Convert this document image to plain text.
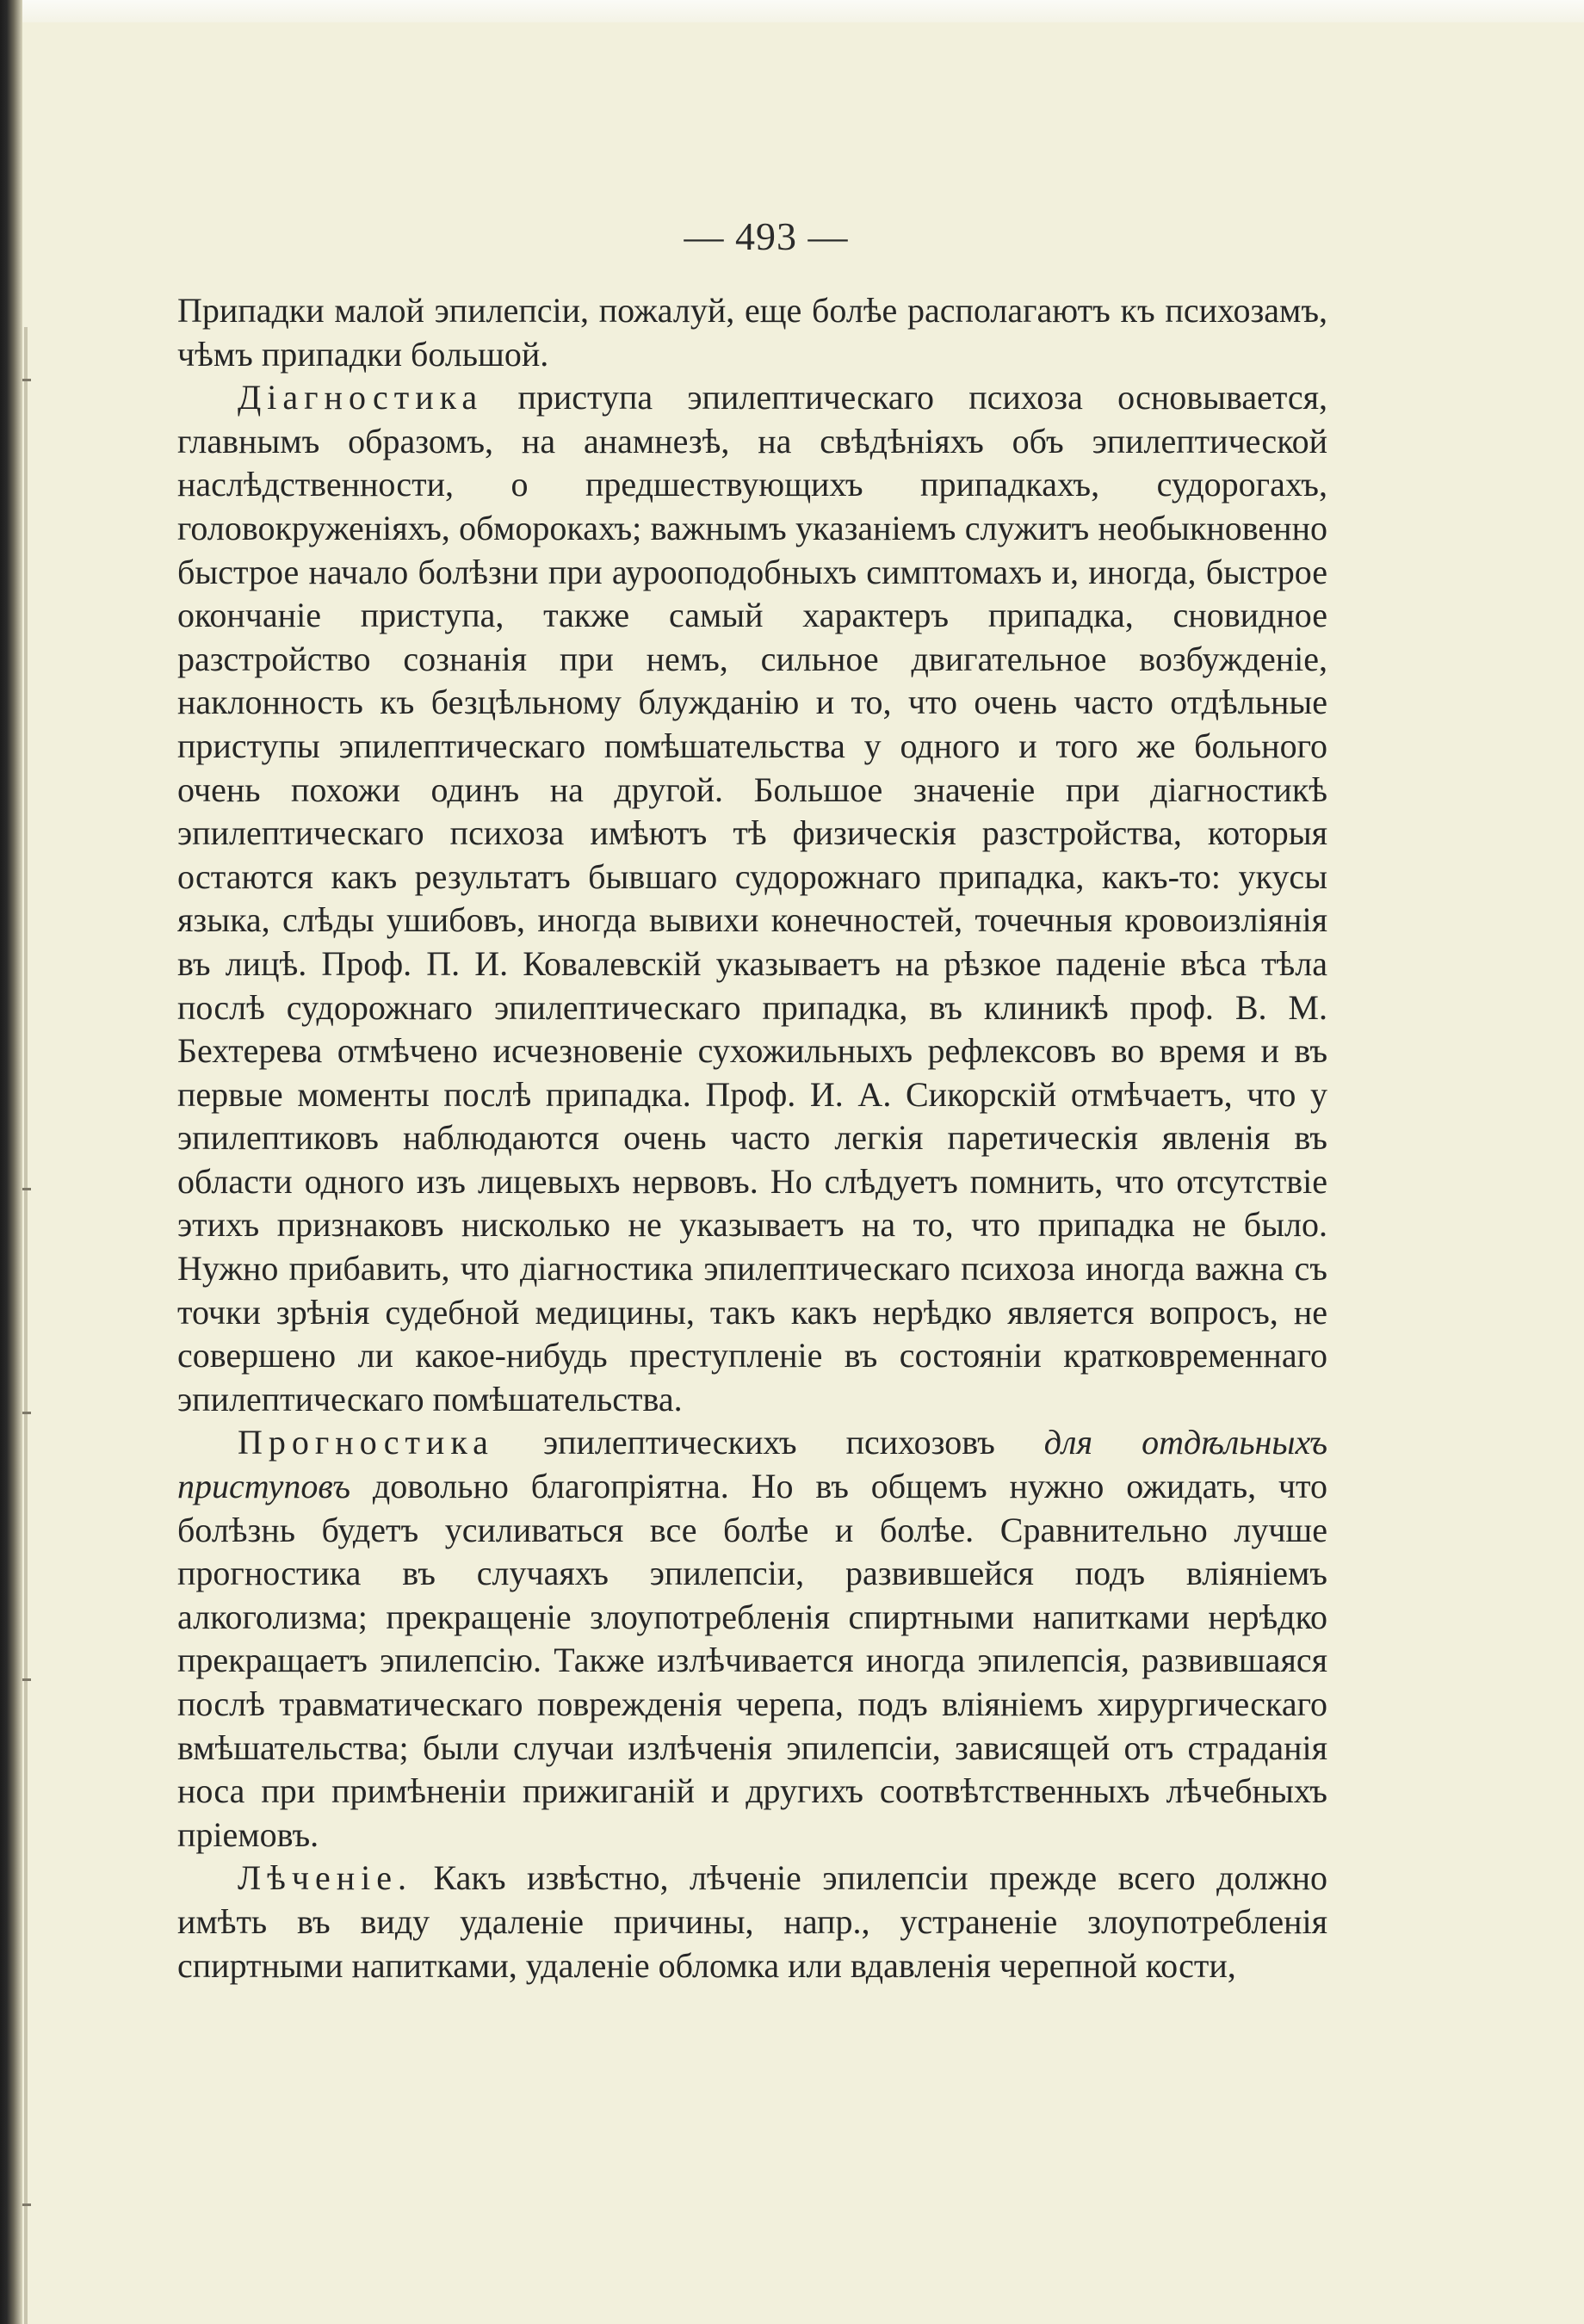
— 493 —

Припадки малой эпилепсіи, пожалуй, еще болѣе располагаютъ къ психозамъ, чѣмъ припадки большой.

Діагностика приступа эпилептическаго психоза основывается, главнымъ образомъ, на анамнезѣ, на свѣдѣніяхъ объ эпилептической наслѣдственности, о предшествующихъ припадкахъ, судорогахъ, головокруженіяхъ, обморокахъ; важнымъ указаніемъ служитъ необыкновенно быстрое начало болѣзни при аурооподобныхъ симптомахъ и, иногда, быстрое окончаніе приступа, также самый характеръ припадка, сновидное разстройство сознанія при немъ, сильное двигательное возбужденіе, наклонность къ безцѣльному блужданію и то, что очень часто отдѣльные приступы эпилептическаго помѣшательства у одного и того же больного очень похожи одинъ на другой. Большое значеніе при діагностикѣ эпилептическаго психоза имѣютъ тѣ физическія разстройства, которыя остаются какъ результатъ бывшаго судорожнаго припадка, какъ-то: укусы языка, слѣды ушибовъ, иногда вывихи конечностей, точечныя кровоизліянія въ лицѣ. Проф. П. И. Ковалевскій указываетъ на рѣзкое паденіе вѣса тѣла послѣ судорожнаго эпилептическаго припадка, въ клиникѣ проф. В. М. Бехтерева отмѣчено исчезновеніе сухожильныхъ рефлексовъ во время и въ первые моменты послѣ припадка. Проф. И. А. Сикорскій отмѣчаетъ, что у эпилептиковъ наблюдаются очень часто легкія паретическія явленія въ области одного изъ лицевыхъ нервовъ. Но слѣдуетъ помнить, что отсутствіе этихъ признаковъ нисколько не указываетъ на то, что припадка не было. Нужно прибавить, что діагностика эпилептическаго психоза иногда важна съ точки зрѣнія судебной медицины, такъ какъ нерѣдко является вопросъ, не совершено ли какое-нибудь преступленіе въ состояніи кратковременнаго эпилептическаго помѣшательства.

Прогностика эпилептическихъ психозовъ для отдѣльныхъ приступовъ довольно благопріятна. Но въ общемъ нужно ожидать, что болѣзнь будетъ усиливаться все болѣе и болѣе. Сравнительно лучше прогностика въ случаяхъ эпилепсіи, развившейся подъ вліяніемъ алкоголизма; прекращеніе злоупотребленія спиртными напитками нерѣдко прекращаетъ эпилепсію. Также излѣчивается иногда эпилепсія, развившаяся послѣ травматическаго поврежденія черепа, подъ вліяніемъ хирургическаго вмѣшательства; были случаи излѣченія эпилепсіи, зависящей отъ страданія носа при примѣненіи прижиганій и другихъ соотвѣтственныхъ лѣчебныхъ пріемовъ.

Лѣченіе. Какъ извѣстно, лѣченіе эпилепсіи прежде всего должно имѣть въ виду удаленіе причины, напр., устраненіе злоупотребленія спиртными напитками, удаленіе обломка или вдавленія черепной кости,
